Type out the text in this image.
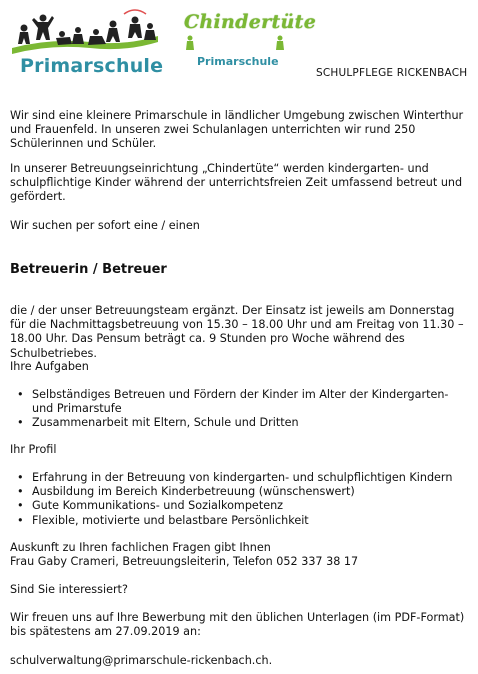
Primarschule
Chindertüte
Primarschule
SCHULPFLEGE RICKENBACH

Wir sind eine kleinere Primarschule in ländlicher Umgebung zwischen Winterthur und Frauenfeld. In unseren zwei Schulanlagen unterrichten wir rund 250 Schülerinnen und Schüler.

In unserer Betreuungseinrichtung „Chindertüte“ werden kindergarten- und schulpflichtige Kinder während der unterrichtsfreien Zeit umfassend betreut und gefördert.

Wir suchen per sofort eine / einen

Betreuerin / Betreuer

die / der unser Betreuungsteam ergänzt. Der Einsatz ist jeweils am Donnerstag für die Nachmittagsbetreuung von 15.30 – 18.00 Uhr und am Freitag von 11.30 – 18.00 Uhr. Das Pensum beträgt ca. 9 Stunden pro Woche während des Schulbetriebes.

Ihre Aufgaben

• Selbständiges Betreuen und Fördern der Kinder im Alter der Kindergarten- und Primarstufe
• Zusammenarbeit mit Eltern, Schule und Dritten

Ihr Profil

• Erfahrung in der Betreuung von kindergarten- und schulpflichtigen Kindern
• Ausbildung im Bereich Kinderbetreuung (wünschenswert)
• Gute Kommunikations- und Sozialkompetenz
• Flexible, motivierte und belastbare Persönlichkeit

Auskunft zu Ihren fachlichen Fragen gibt Ihnen

Frau Gaby Crameri, Betreuungsleiterin, Telefon 052 337 38 17

Sind Sie interessiert?

Wir freuen uns auf Ihre Bewerbung mit den üblichen Unterlagen (im PDF-Format) bis spätestens am 27.09.2019 an:

schulverwaltung@primarschule-rickenbach.ch.
